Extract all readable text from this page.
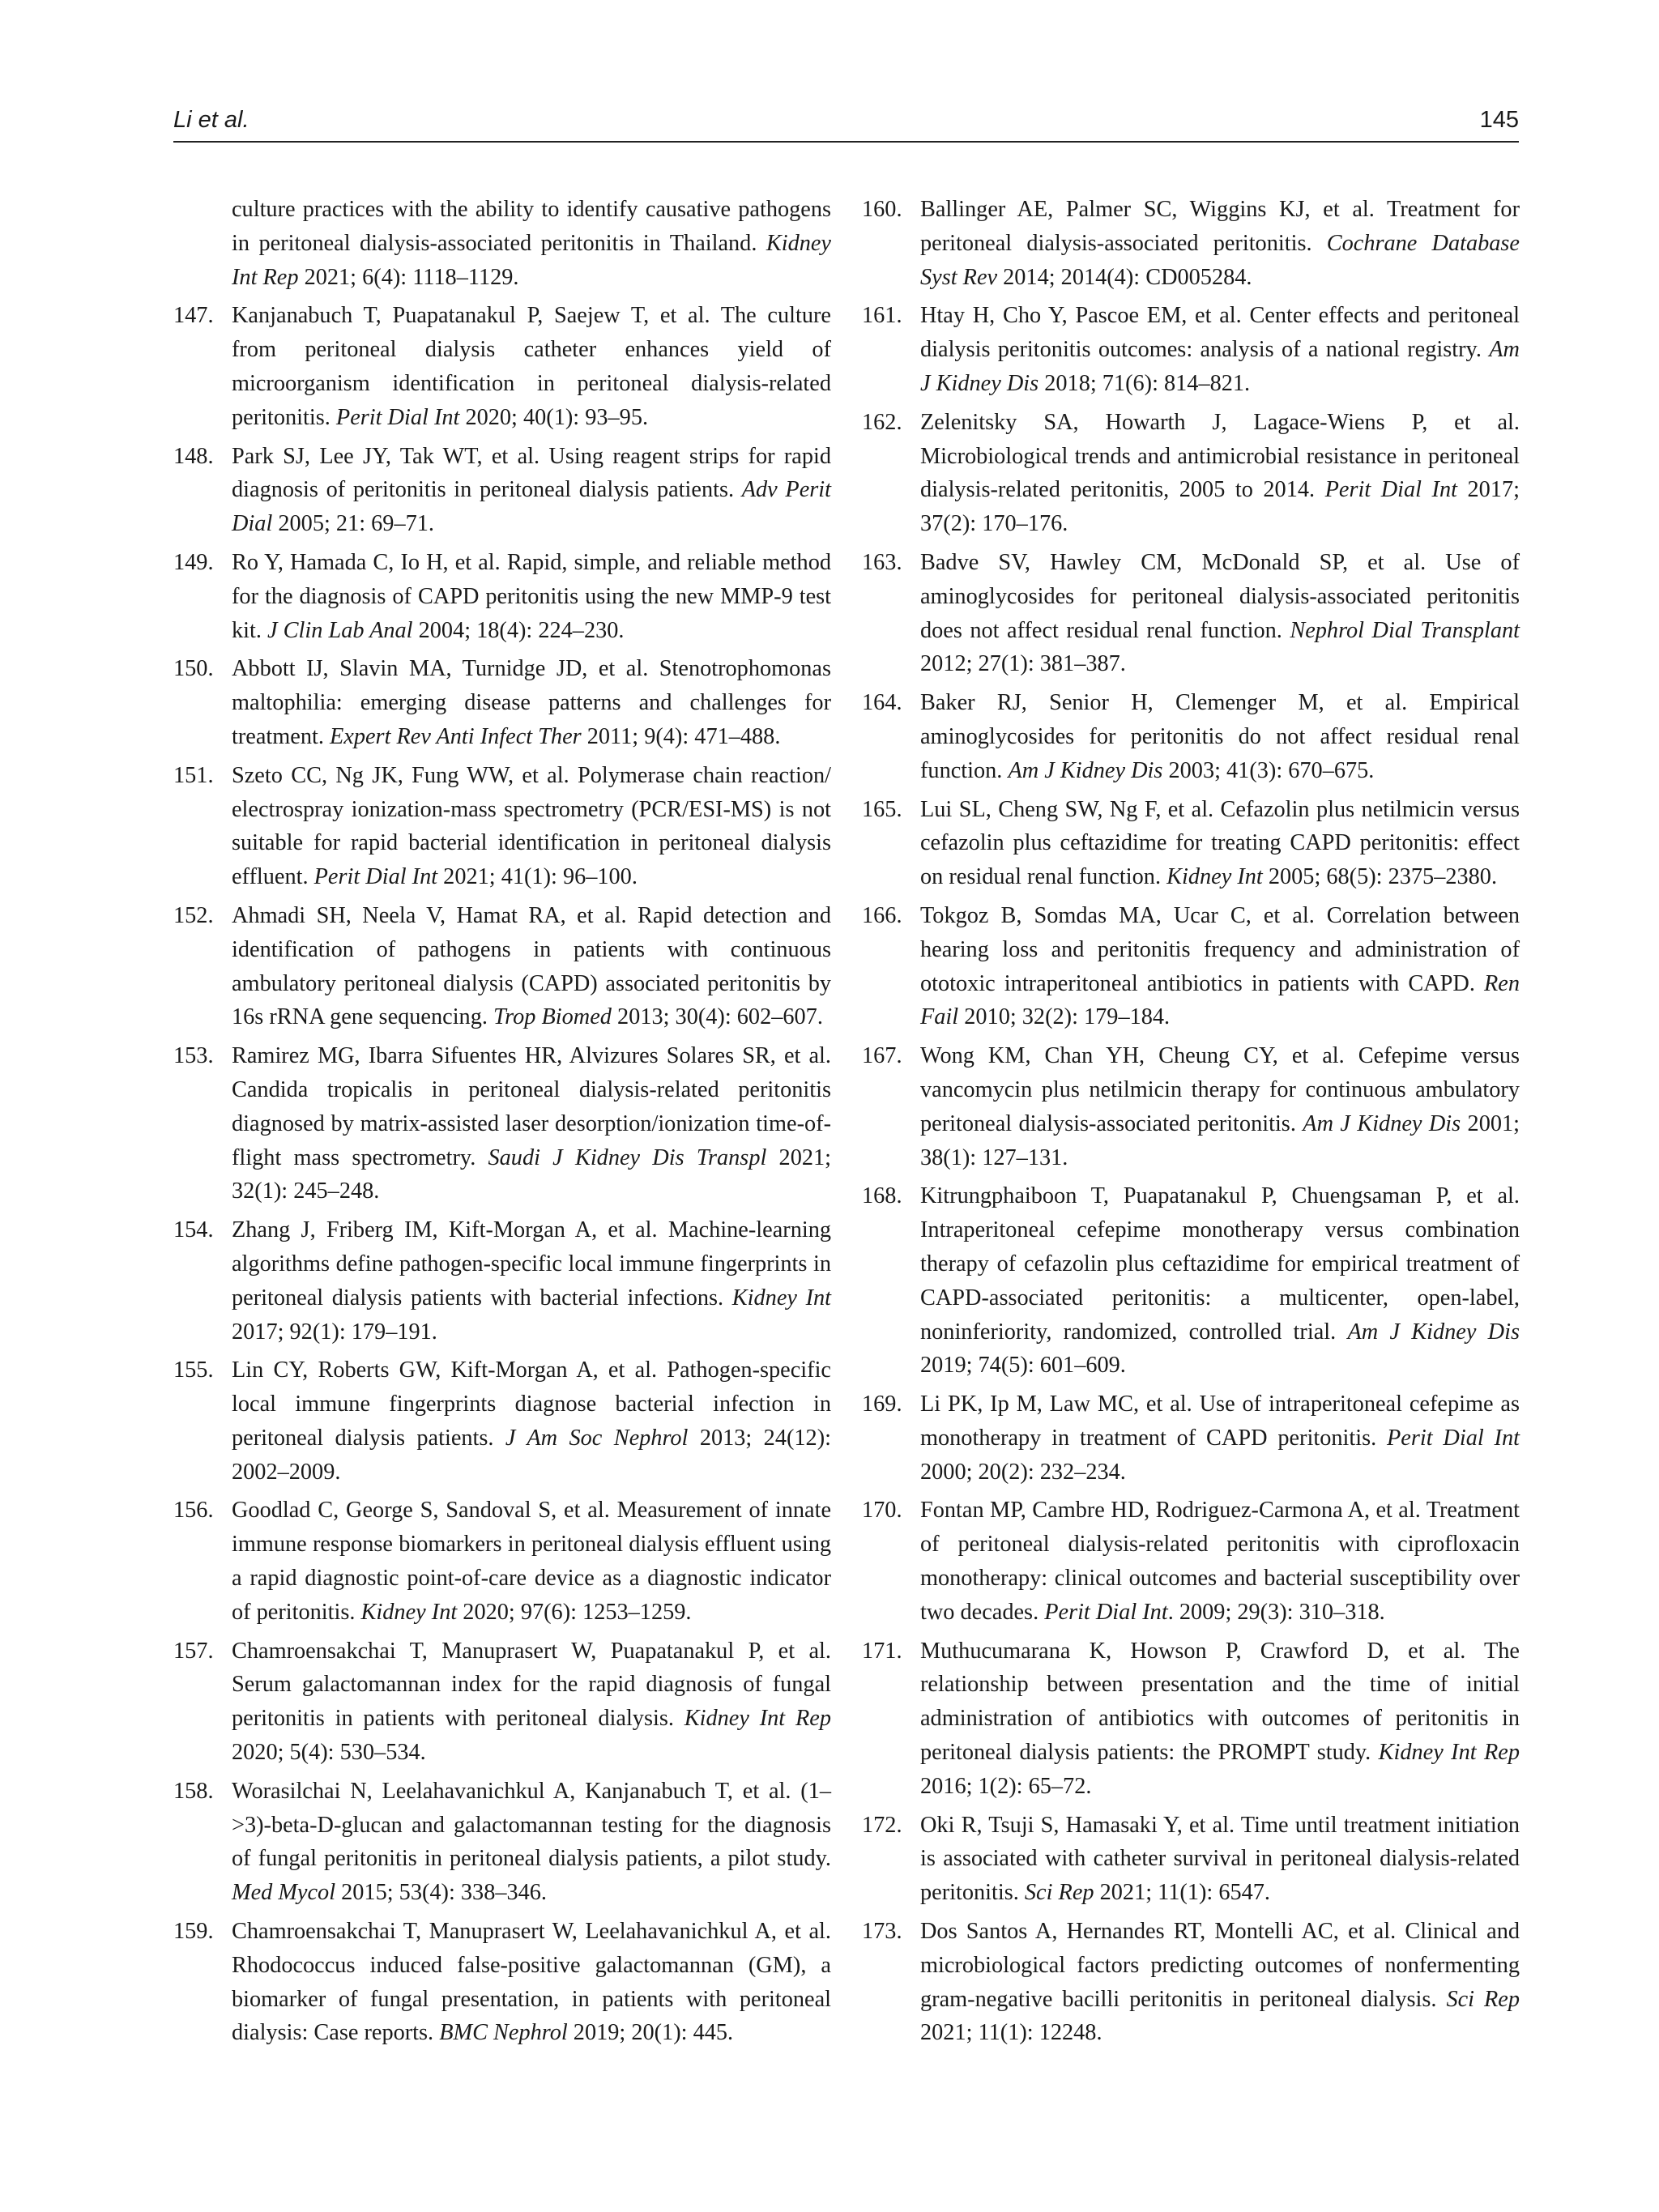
Li et al.	145
culture practices with the ability to identify causative pathogens in peritoneal dialysis-associated peritonitis in Thailand. Kidney Int Rep 2021; 6(4): 1118–1129.
147. Kanjanabuch T, Puapatanakul P, Saejew T, et al. The culture from peritoneal dialysis catheter enhances yield of microorganism identification in peritoneal dialysis-related peritonitis. Perit Dial Int 2020; 40(1): 93–95.
148. Park SJ, Lee JY, Tak WT, et al. Using reagent strips for rapid diagnosis of peritonitis in peritoneal dialysis patients. Adv Perit Dial 2005; 21: 69–71.
149. Ro Y, Hamada C, Io H, et al. Rapid, simple, and reliable method for the diagnosis of CAPD peritonitis using the new MMP-9 test kit. J Clin Lab Anal 2004; 18(4): 224–230.
150. Abbott IJ, Slavin MA, Turnidge JD, et al. Stenotrophomonas maltophilia: emerging disease patterns and challenges for treatment. Expert Rev Anti Infect Ther 2011; 9(4): 471–488.
151. Szeto CC, Ng JK, Fung WW, et al. Polymerase chain reaction/ electrospray ionization-mass spectrometry (PCR/ESI-MS) is not suitable for rapid bacterial identification in peritoneal dialysis effluent. Perit Dial Int 2021; 41(1): 96–100.
152. Ahmadi SH, Neela V, Hamat RA, et al. Rapid detection and identification of pathogens in patients with continuous ambulatory peritoneal dialysis (CAPD) associated peritonitis by 16s rRNA gene sequencing. Trop Biomed 2013; 30(4): 602–607.
153. Ramirez MG, Ibarra Sifuentes HR, Alvizures Solares SR, et al. Candida tropicalis in peritoneal dialysis-related peritonitis diagnosed by matrix-assisted laser desorption/ionization time-of-flight mass spectrometry. Saudi J Kidney Dis Transpl 2021; 32(1): 245–248.
154. Zhang J, Friberg IM, Kift-Morgan A, et al. Machine-learning algorithms define pathogen-specific local immune fingerprints in peritoneal dialysis patients with bacterial infections. Kidney Int 2017; 92(1): 179–191.
155. Lin CY, Roberts GW, Kift-Morgan A, et al. Pathogen-specific local immune fingerprints diagnose bacterial infection in peritoneal dialysis patients. J Am Soc Nephrol 2013; 24(12): 2002–2009.
156. Goodlad C, George S, Sandoval S, et al. Measurement of innate immune response biomarkers in peritoneal dialysis effluent using a rapid diagnostic point-of-care device as a diagnostic indicator of peritonitis. Kidney Int 2020; 97(6): 1253–1259.
157. Chamroensakchai T, Manuprasert W, Puapatanakul P, et al. Serum galactomannan index for the rapid diagnosis of fungal peritonitis in patients with peritoneal dialysis. Kidney Int Rep 2020; 5(4): 530–534.
158. Worasilchai N, Leelahavanichkul A, Kanjanabuch T, et al. (1–>3)-beta-D-glucan and galactomannan testing for the diagnosis of fungal peritonitis in peritoneal dialysis patients, a pilot study. Med Mycol 2015; 53(4): 338–346.
159. Chamroensakchai T, Manuprasert W, Leelahavanichkul A, et al. Rhodococcus induced false-positive galactomannan (GM), a biomarker of fungal presentation, in patients with peritoneal dialysis: Case reports. BMC Nephrol 2019; 20(1): 445.
160. Ballinger AE, Palmer SC, Wiggins KJ, et al. Treatment for peritoneal dialysis-associated peritonitis. Cochrane Database Syst Rev 2014; 2014(4): CD005284.
161. Htay H, Cho Y, Pascoe EM, et al. Center effects and peritoneal dialysis peritonitis outcomes: analysis of a national registry. Am J Kidney Dis 2018; 71(6): 814–821.
162. Zelenitsky SA, Howarth J, Lagace-Wiens P, et al. Microbiological trends and antimicrobial resistance in peritoneal dialysis-related peritonitis, 2005 to 2014. Perit Dial Int 2017; 37(2): 170–176.
163. Badve SV, Hawley CM, McDonald SP, et al. Use of aminoglycosides for peritoneal dialysis-associated peritonitis does not affect residual renal function. Nephrol Dial Transplant 2012; 27(1): 381–387.
164. Baker RJ, Senior H, Clemenger M, et al. Empirical aminoglycosides for peritonitis do not affect residual renal function. Am J Kidney Dis 2003; 41(3): 670–675.
165. Lui SL, Cheng SW, Ng F, et al. Cefazolin plus netilmicin versus cefazolin plus ceftazidime for treating CAPD peritonitis: effect on residual renal function. Kidney Int 2005; 68(5): 2375–2380.
166. Tokgoz B, Somdas MA, Ucar C, et al. Correlation between hearing loss and peritonitis frequency and administration of ototoxic intraperitoneal antibiotics in patients with CAPD. Ren Fail 2010; 32(2): 179–184.
167. Wong KM, Chan YH, Cheung CY, et al. Cefepime versus vancomycin plus netilmicin therapy for continuous ambulatory peritoneal dialysis-associated peritonitis. Am J Kidney Dis 2001; 38(1): 127–131.
168. Kitrungphaiboon T, Puapatanakul P, Chuengsaman P, et al. Intraperitoneal cefepime monotherapy versus combination therapy of cefazolin plus ceftazidime for empirical treatment of CAPD-associated peritonitis: a multicenter, open-label, noninferiority, randomized, controlled trial. Am J Kidney Dis 2019; 74(5): 601–609.
169. Li PK, Ip M, Law MC, et al. Use of intraperitoneal cefepime as monotherapy in treatment of CAPD peritonitis. Perit Dial Int 2000; 20(2): 232–234.
170. Fontan MP, Cambre HD, Rodriguez-Carmona A, et al. Treatment of peritoneal dialysis-related peritonitis with ciprofloxacin monotherapy: clinical outcomes and bacterial susceptibility over two decades. Perit Dial Int. 2009; 29(3): 310–318.
171. Muthucumarana K, Howson P, Crawford D, et al. The relationship between presentation and the time of initial administration of antibiotics with outcomes of peritonitis in peritoneal dialysis patients: the PROMPT study. Kidney Int Rep 2016; 1(2): 65–72.
172. Oki R, Tsuji S, Hamasaki Y, et al. Time until treatment initiation is associated with catheter survival in peritoneal dialysis-related peritonitis. Sci Rep 2021; 11(1): 6547.
173. Dos Santos A, Hernandes RT, Montelli AC, et al. Clinical and microbiological factors predicting outcomes of nonfermenting gram-negative bacilli peritonitis in peritoneal dialysis. Sci Rep 2021; 11(1): 12248.
